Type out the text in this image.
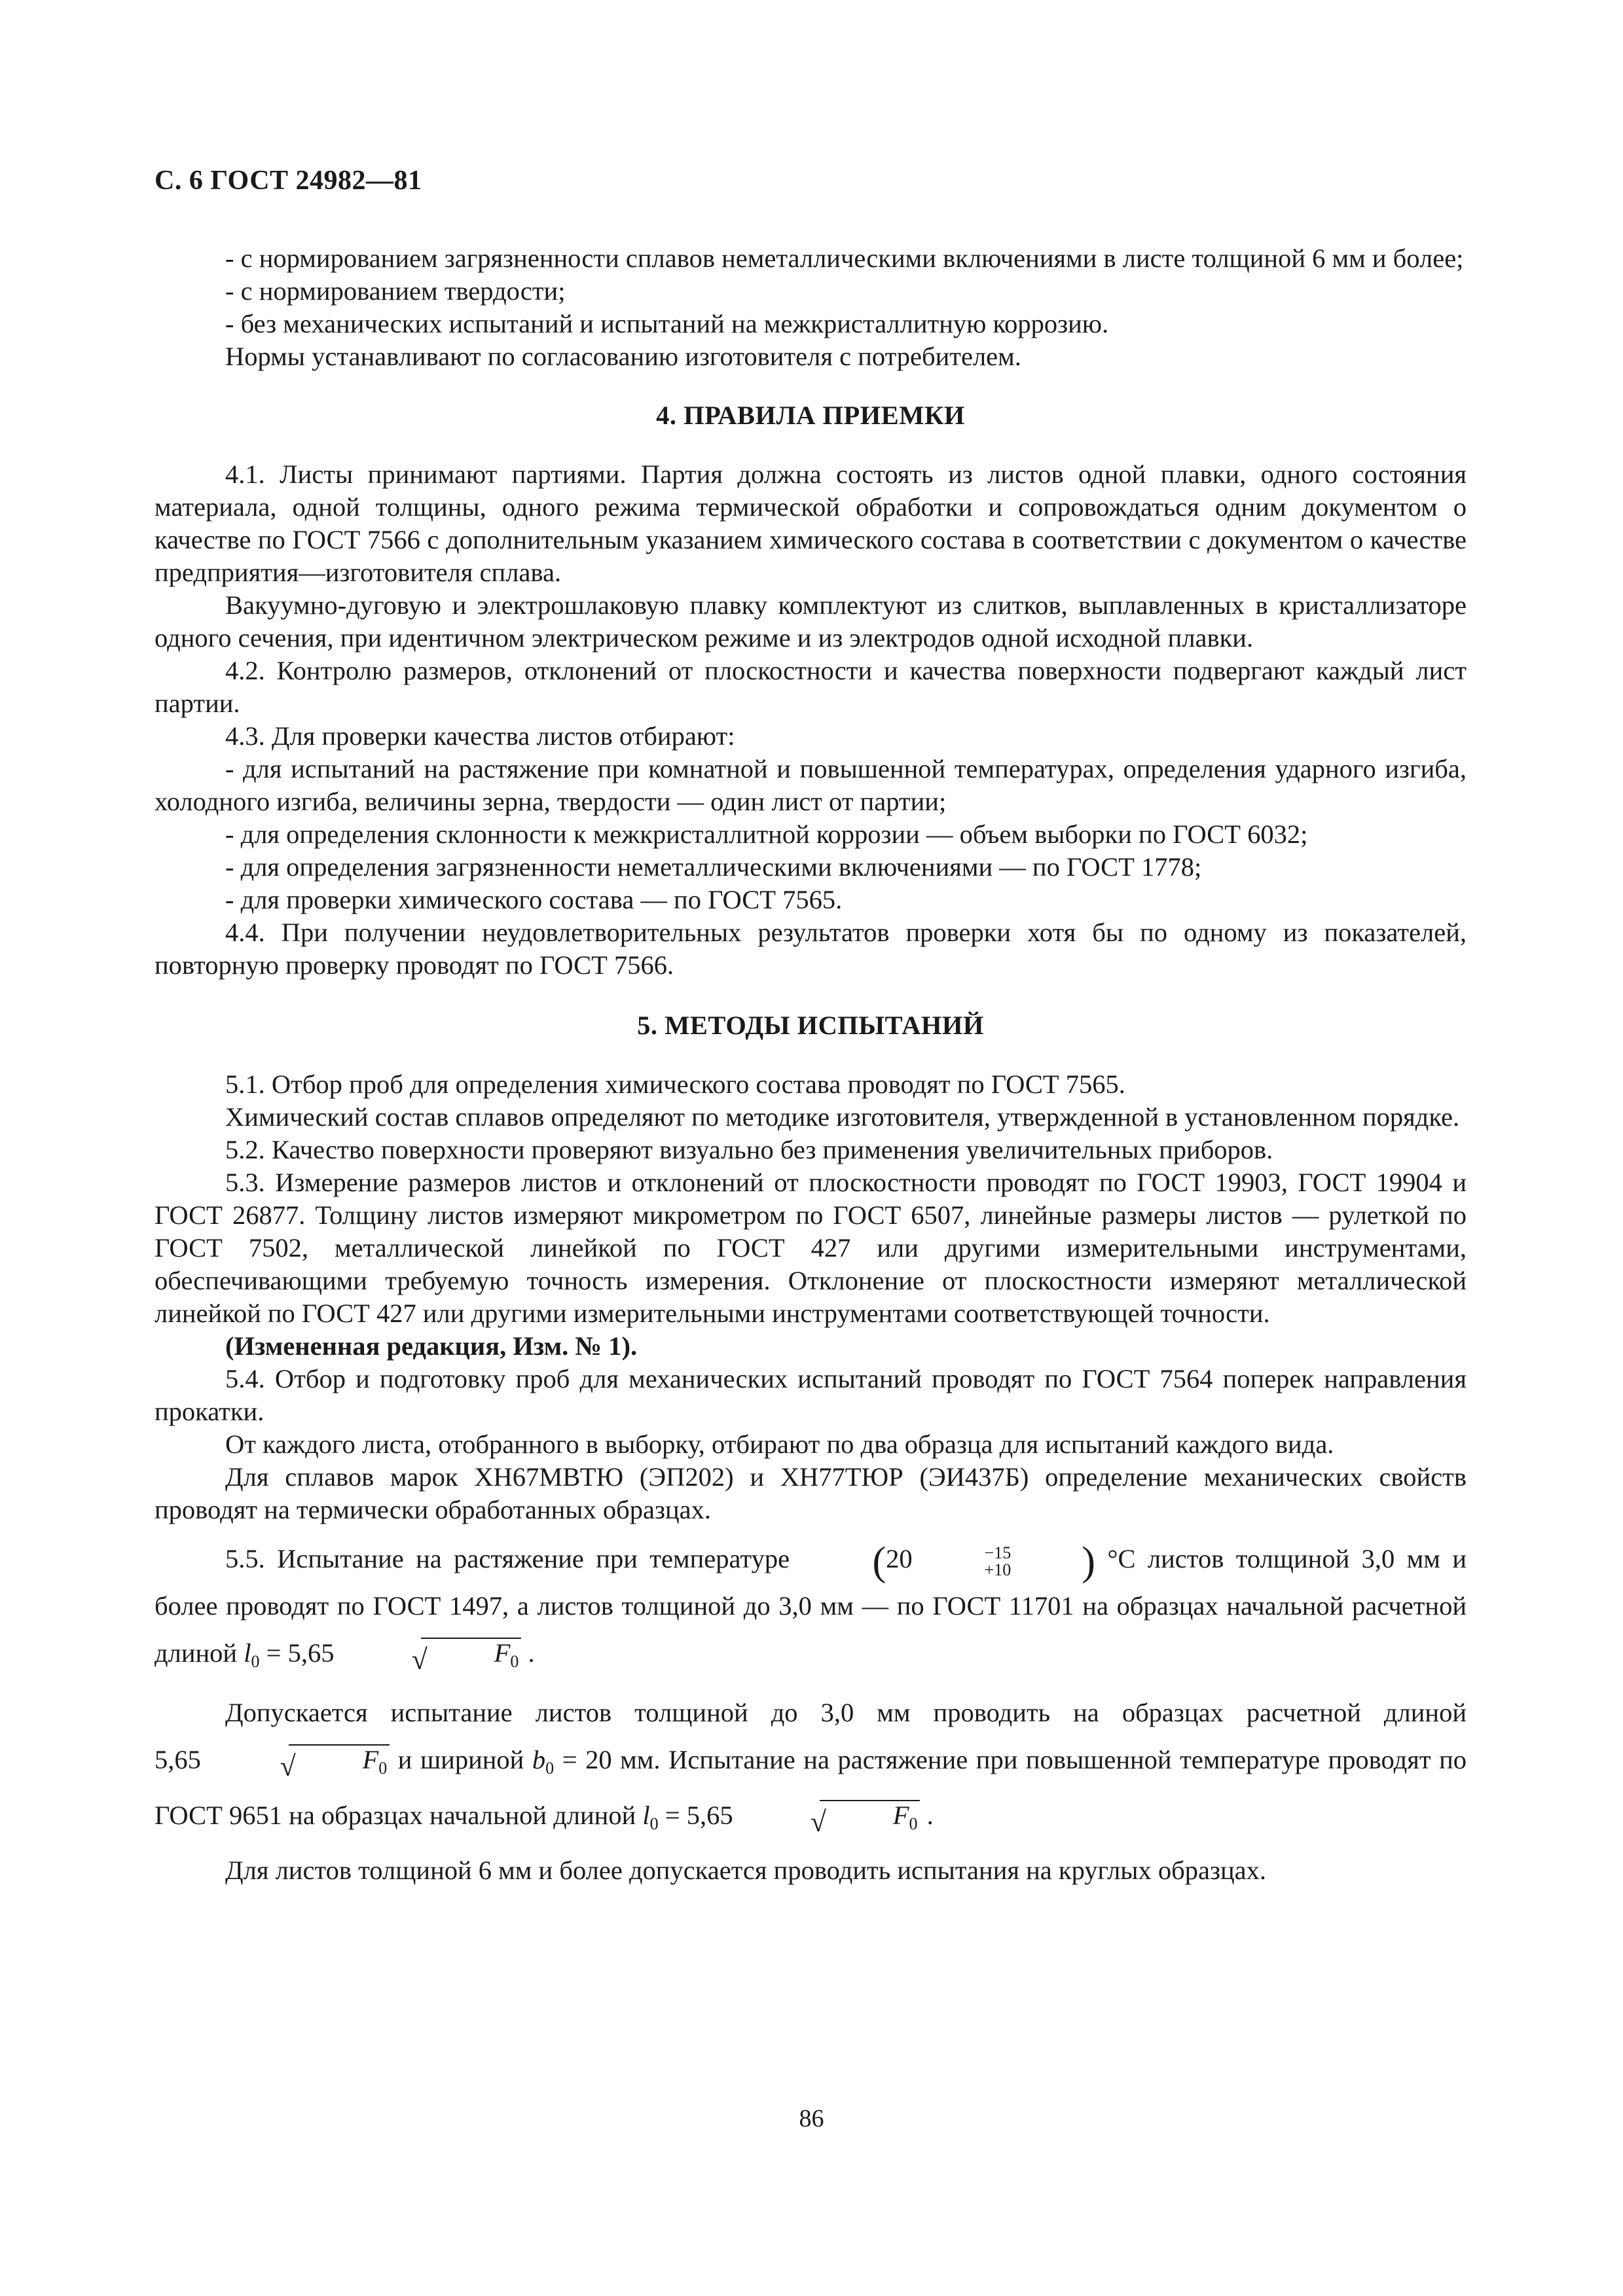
С. 6 ГОСТ 24982—81

- с нормированием загрязненности сплавов неметаллическими включениями в листе толщиной 6 мм и более;

- с нормированием твердости;

- без механических испытаний и испытаний на межкристаллитную коррозию.

Нормы устанавливают по согласованию изготовителя с потребителем.

4. ПРАВИЛА ПРИЕМКИ

4.1. Листы принимают партиями. Партия должна состоять из листов одной плавки, одного состояния материала, одной толщины, одного режима термической обработки и сопровождаться одним документом о качестве по ГОСТ 7566 с дополнительным указанием химического состава в соответствии с документом о качестве предприятия—изготовителя сплава.

Вакуумно-дуговую и электрошлаковую плавку комплектуют из слитков, выплавленных в кристаллизаторе одного сечения, при идентичном электрическом режиме и из электродов одной исходной плавки.

4.2. Контролю размеров, отклонений от плоскостности и качества поверхности подвергают каждый лист партии.

4.3. Для проверки качества листов отбирают:

- для испытаний на растяжение при комнатной и повышенной температурах, определения ударного изгиба, холодного изгиба, величины зерна, твердости — один лист от партии;

- для определения склонности к межкристаллитной коррозии — объем выборки по ГОСТ 6032;

- для определения загрязненности неметаллическими включениями — по ГОСТ 1778;

- для проверки химического состава — по ГОСТ 7565.

4.4. При получении неудовлетворительных результатов проверки хотя бы по одному из показателей, повторную проверку проводят по ГОСТ 7566.

5. МЕТОДЫ ИСПЫТАНИЙ

5.1. Отбор проб для определения химического состава проводят по ГОСТ 7565.

Химический состав сплавов определяют по методике изготовителя, утвержденной в установленном порядке.

5.2. Качество поверхности проверяют визуально без применения увеличительных приборов.

5.3. Измерение размеров листов и отклонений от плоскостности проводят по ГОСТ 19903, ГОСТ 19904 и ГОСТ 26877. Толщину листов измеряют микрометром по ГОСТ 6507, линейные размеры листов — рулеткой по ГОСТ 7502, металлической линейкой по ГОСТ 427 или другими измерительными инструментами, обеспечивающими требуемую точность измерения. Отклонение от плоскостности измеряют металлической линейкой по ГОСТ 427 или другими измерительными инструментами соответствующей точности.

(Измененная редакция, Изм. № 1).

5.4. Отбор и подготовку проб для механических испытаний проводят по ГОСТ 7564 поперек направления прокатки.

От каждого листа, отобранного в выборку, отбирают по два образца для испытаний каждого вида.

Для сплавов марок ХН67МВТЮ (ЭП202) и ХН77ТЮР (ЭИ437Б) определение механических свойств проводят на термически обработанных образцах.

5.5. Испытание на растяжение при температуре (20	−15
+10 ) °С листов толщиной 3,0 мм и более проводят по ГОСТ 1497, а листов толщиной до 3,0 мм — по ГОСТ 11701 на образцах начальной расчетной длиной $l_0 = 5,65$	√	$F_0$ .

Допускается испытание листов толщиной до 3,0 мм проводить на образцах расчетной длиной 5,65	√	$F_0$ и шириной $b_0 = 20$ мм. Испытание на растяжение при повышенной температуре проводят по ГОСТ 9651 на образцах начальной длиной $l_0 = 5,65$	√	$F_0$ .

Для листов толщиной 6 мм и более допускается проводить испытания на круглых образцах.

86
